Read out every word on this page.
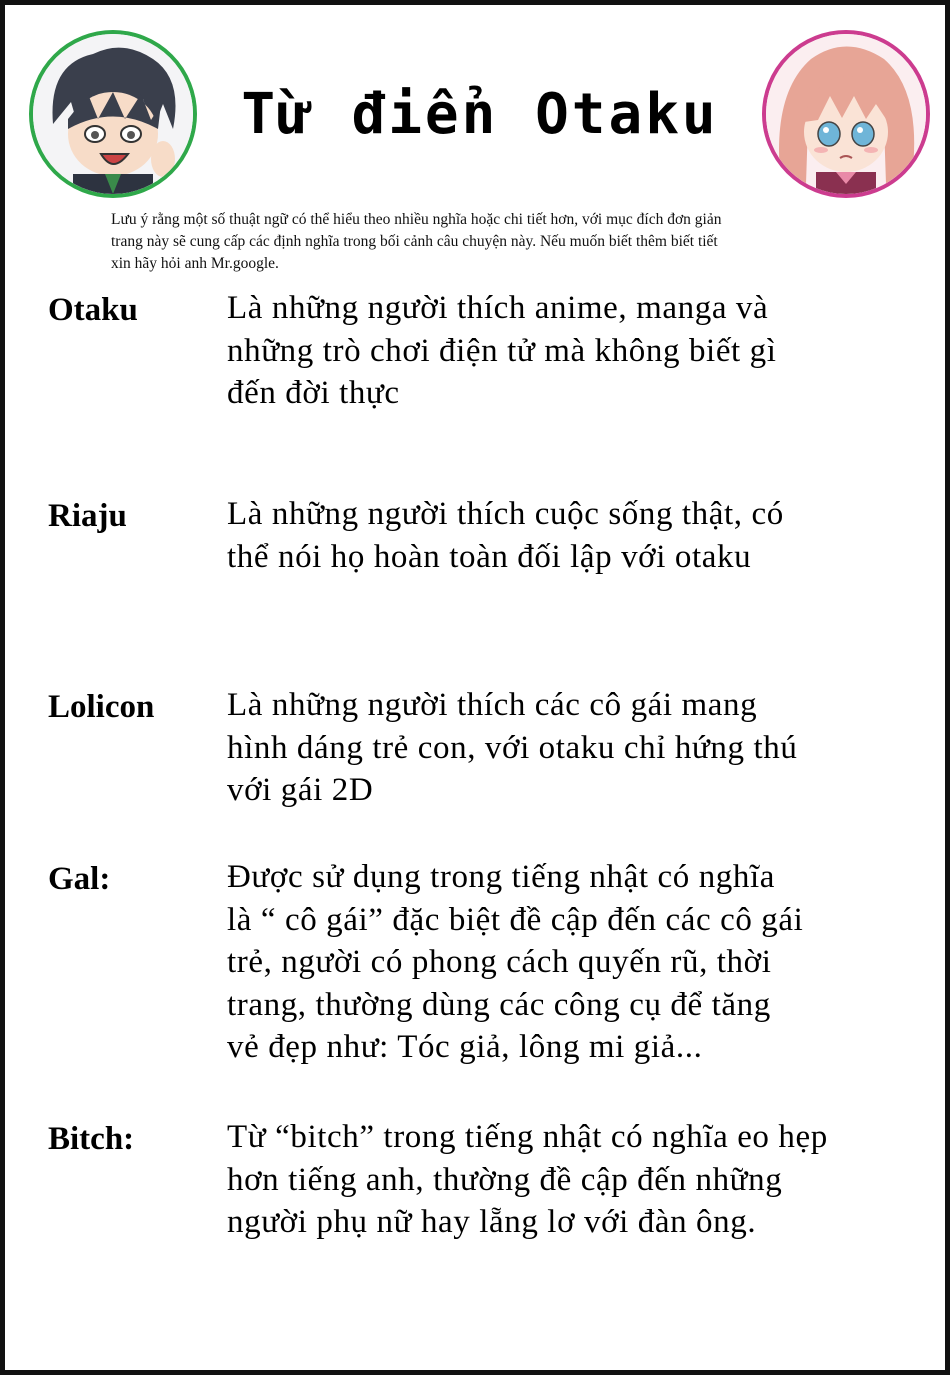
Từ điển Otaku
Lưu ý rằng một số thuật ngữ có thể hiểu theo nhiều nghĩa hoặc chi tiết hơn, với mục đích đơn giản
trang này sẽ cung cấp các định nghĩa trong bối cảnh câu chuyện này. Nếu muốn biết thêm biết tiết
xin hãy hỏi anh Mr.google.
Otaku	Là những người thích anime, manga và
những trò chơi điện tử mà không biết gì
đến đời thực
Riaju	Là những người thích cuộc sống thật, có
thể nói họ hoàn toàn đối lập với otaku
Lolicon Là những người thích các cô gái mang
hình dáng trẻ con, với otaku chỉ hứng thú
với gái 2D
Gal:	Được sử dụng trong tiếng nhật có nghĩa
là “ cô gái” đặc biệt đề cập đến các cô gái
trẻ, người có phong cách quyến rũ, thời
trang, thường dùng các công cụ để tăng
vẻ đẹp như: Tóc giả, lông mi giả...
Bitch:	Từ “bitch” trong tiếng nhật có nghĩa eo hẹp
hơn tiếng anh, thường đề cập đến những
người phụ nữ hay lẵng lơ với đàn ông.
